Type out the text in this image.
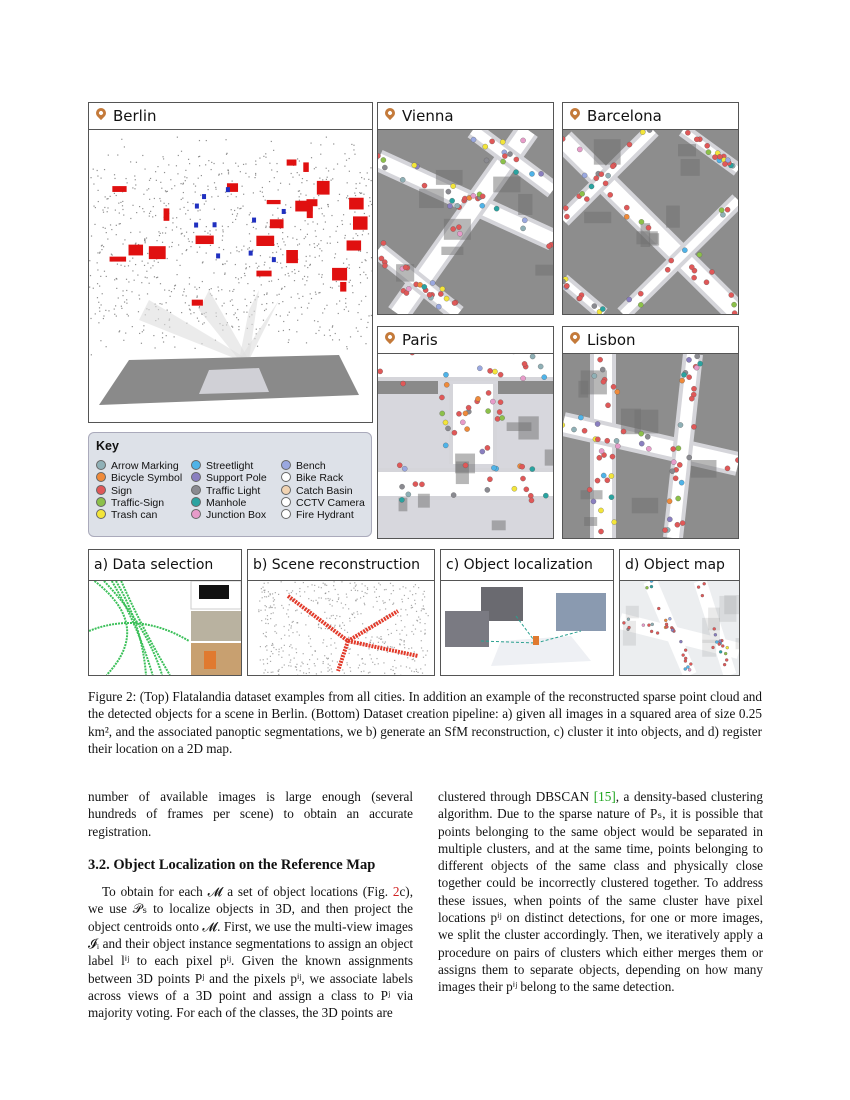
Berlin	Vienna	Barcelona
Paris	Lisbon
Key
Arrow Marking
Bicycle Symbol
Sign
Traffic-Sign
Trash can
Streetlight
Support Pole
Traffic Light
Manhole
Junction Box
Bench
Bike Rack
Catch Basin
CCTV Camera
Fire Hydrant
a) Data selection	b) Scene reconstruction	c) Object localization	d) Object map
Figure 2: (Top) Flatalandia dataset examples from all cities. In addition an example of the reconstructed sparse point cloud and the detected objects for a scene in Berlin. (Bottom) Dataset creation pipeline: a) given all images in a squared area of size 0.25 km², and the associated panoptic segmentations, we b) generate an SfM reconstruction, c) cluster it into objects, and d) register their location on a 2D map.

number of available images is large enough (several hundreds of frames per scene) to obtain an accurate registration.

3.2. Object Localization on the Reference Map

To obtain for each 𝓜 a set of object locations (Fig. 2c), we use 𝒫ₛ to localize objects in 3D, and then project the object centroids onto 𝓜. First, we use the multi-view images 𝓘ᵢ and their object instance segmentations to assign an object label lⁱʲ to each pixel pⁱʲ. Given the known assignments between 3D points Pʲ and the pixels pⁱʲ, we associate labels across views of a 3D point and assign a class to Pʲ via majority voting. For each of the classes, the 3D points are

clustered through DBSCAN [15], a density-based clustering algorithm. Due to the sparse nature of Pₛ, it is possible that points belonging to the same object would be separated in multiple clusters, and at the same time, points belonging to different objects of the same class and physically close together could be incorrectly clustered together. To address these issues, when points of the same cluster have pixel locations pⁱʲ on distinct detections, for one or more images, we split the cluster accordingly. Then, we iteratively apply a procedure on pairs of clusters which either merges them or assigns them to separate objects, depending on how many images their pⁱʲ belong to the same detection.
